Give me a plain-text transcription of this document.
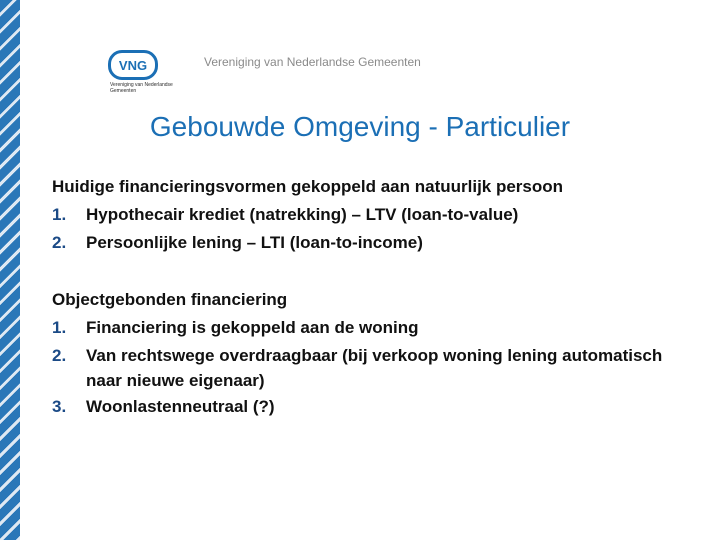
VNG
Vereniging van Nederlandse Gemeenten
Vereniging van Nederlandse Gemeenten
Gebouwde Omgeving - Particulier
Huidige financieringsvormen gekoppeld aan natuurlijk persoon
1.	Hypothecair krediet (natrekking) – LTV (loan-to-value)
2.	Persoonlijke lening – LTI (loan-to-income)
Objectgebonden financiering
1.	Financiering is gekoppeld aan de woning
2.	Van rechtswege overdraagbaar (bij verkoop woning lening automatisch naar nieuwe eigenaar)
3.	Woonlastenneutraal (?)
